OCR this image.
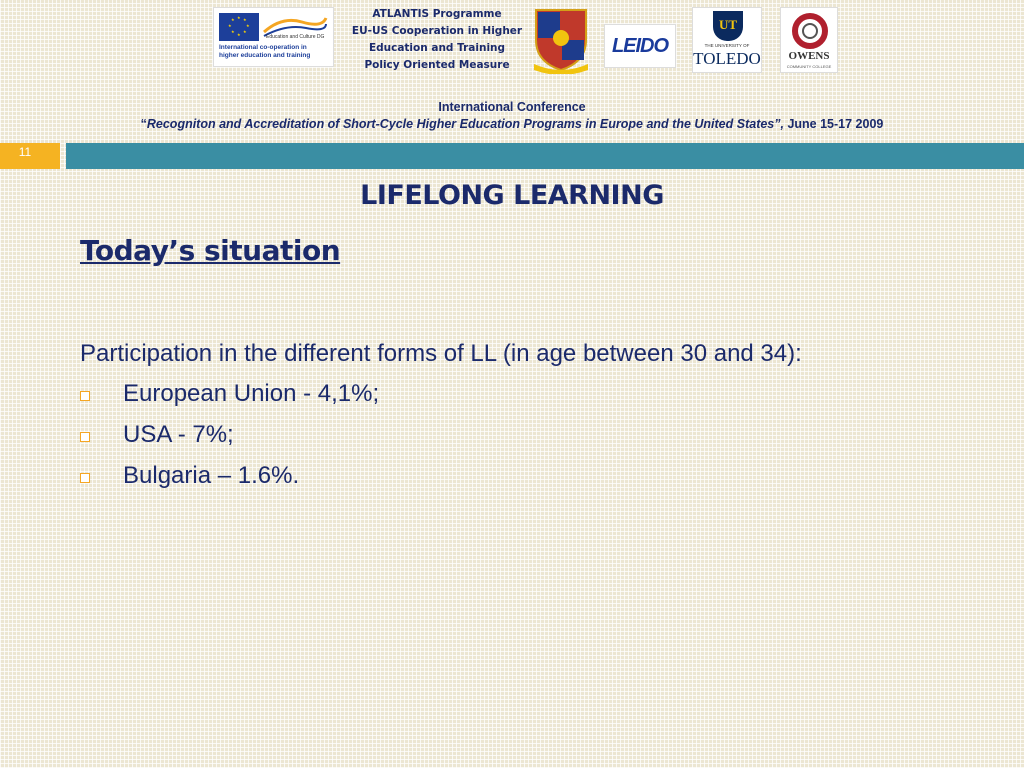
★ ★
★
★
★
★
★
★
Education and Culture DG
International co-operation in
higher education and training
ATLANTIS Programme
EU-US Cooperation in Higher
Education and Training
Policy Oriented Measure
LEIDO
UT
THE UNIVERSITY OF
TOLEDO	OWENS
COMMUNITY COLLEGE
International Conference
“Recogniton and Accreditation of Short-Cycle Higher Education Programs in Europe and the United States”, June 15-17 2009
11
LIFELONG LEARNING
Today’s situation
Participation in the different forms of LL (in age between 30 and 34):
European Union - 4,1%;
USA - 7%;
Bulgaria – 1.6%.
